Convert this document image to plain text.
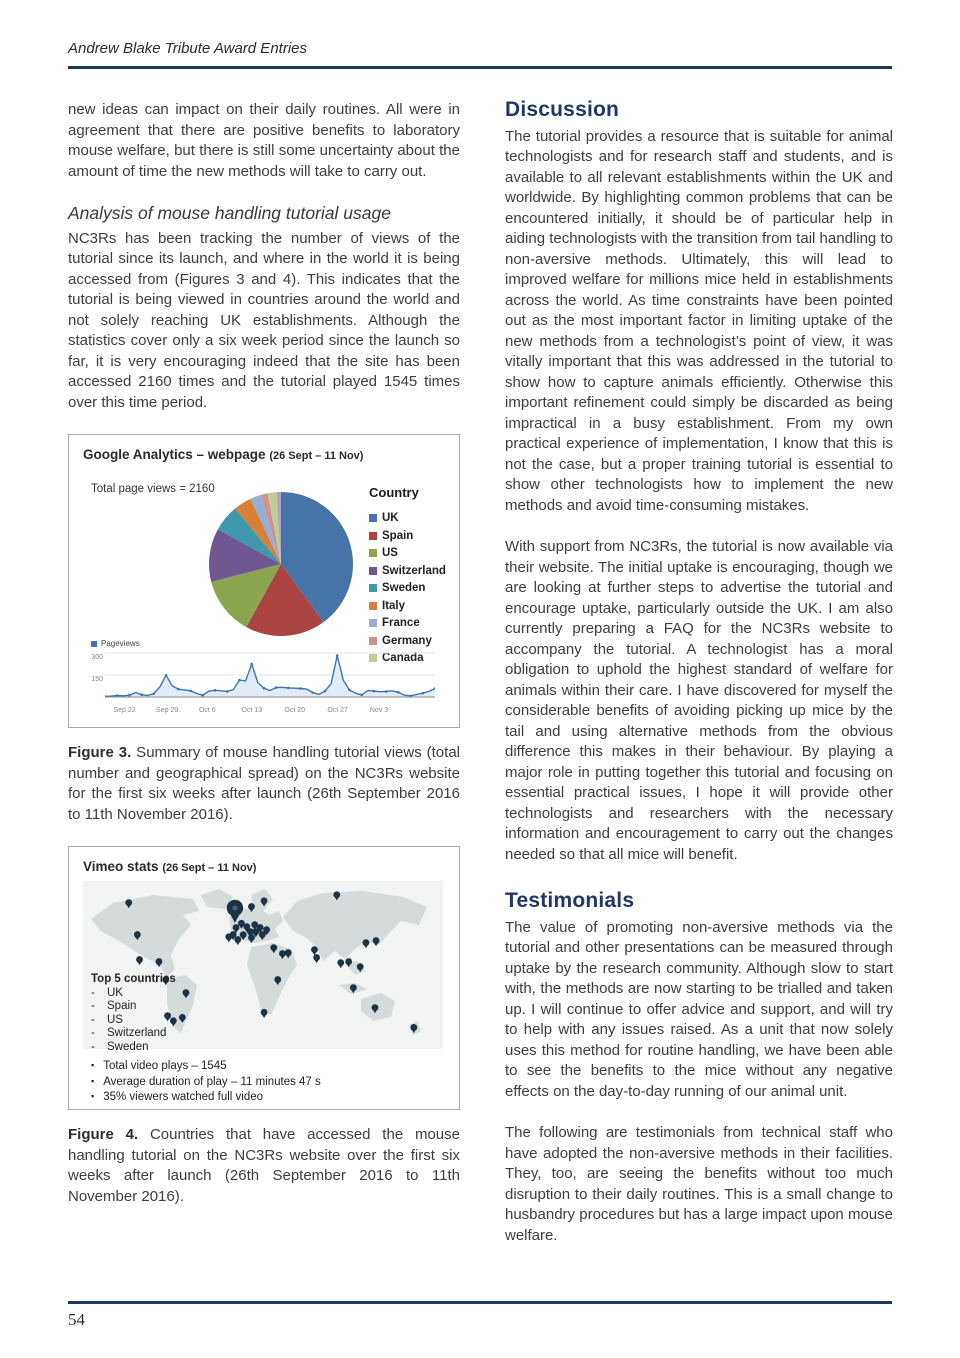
Andrew Blake Tribute Award Entries

new ideas can impact on their daily routines. All were in agreement that there are positive benefits to laboratory mouse welfare, but there is still some uncertainty about the amount of time the new methods will take to carry out.

Analysis of mouse handling tutorial usage

NC3Rs has been tracking the number of views of the tutorial since its launch, and where in the world it is being accessed from (Figures 3 and 4). This indicates that the tutorial is being viewed in countries around the world and not solely reaching UK establishments. Although the statistics cover only a six week period since the launch so far, it is very encouraging indeed that the site has been accessed 2160 times and the tutorial played 1545 times over this time period.

Google Analytics – webpage (26 Sept – 11 Nov)
Total page views = 2160	Country
UK
Spain
US
Switzerland
Sweden
Italy
France
Germany
Canada
Pageviews
300
150
Sep 22	Sep 29	Oct 6	Oct 13	Oct 20	Oct 27	Nov 3

Figure 3. Summary of mouse handling tutorial views (total number and geographical spread) on the NC3Rs website for the first six weeks after launch (26th September 2016 to 11th November 2016).

Vimeo stats (26 Sept – 11 Nov)
Top 5 countries
- UK
- Spain
- US
- Switzerland
- Sweden
▪ Total video plays – 1545
▪ Average duration of play – 11 minutes 47 s
▪ 35% viewers watched full video

Figure 4. Countries that have accessed the mouse handling tutorial on the NC3Rs website over the first six weeks after launch (26th September 2016 to 11th November 2016).

Discussion

The tutorial provides a resource that is suitable for animal technologists and for research staff and students, and is available to all relevant establishments within the UK and worldwide. By highlighting common problems that can be encountered initially, it should be of particular help in aiding technologists with the transition from tail handling to non-aversive methods. Ultimately, this will lead to improved welfare for millions mice held in establishments across the world. As time constraints have been pointed out as the most important factor in limiting uptake of the new methods from a technologist’s point of view, it was vitally important that this was addressed in the tutorial to show how to capture animals efficiently. Otherwise this important refinement could simply be discarded as being impractical in a busy establishment. From my own practical experience of implementation, I know that this is not the case, but a proper training tutorial is essential to show other technologists how to implement the new methods and avoid time-consuming mistakes.

With support from NC3Rs, the tutorial is now available via their website. The initial uptake is encouraging, though we are looking at further steps to advertise the tutorial and encourage uptake, particularly outside the UK. I am also currently preparing a FAQ for the NC3Rs website to accompany the tutorial. A technologist has a moral obligation to uphold the highest standard of welfare for animals within their care. I have discovered for myself the considerable benefits of avoiding picking up mice by the tail and using alternative methods from the obvious difference this makes in their behaviour. By playing a major role in putting together this tutorial and focusing on essential practical issues, I hope it will provide other technologists and researchers with the necessary information and encouragement to carry out the changes needed so that all mice will benefit.

Testimonials

The value of promoting non-aversive methods via the tutorial and other presentations can be measured through uptake by the research community. Although slow to start with, the methods are now starting to be trialled and taken up. I will continue to offer advice and support, and will try to help with any issues raised. As a unit that now solely uses this method for routine handling, we have been able to see the benefits to the mice without any negative effects on the day-to-day running of our animal unit.

The following are testimonials from technical staff who have adopted the non-aversive methods in their facilities. They, too, are seeing the benefits without too much disruption to their daily routines. This is a small change to husbandry procedures but has a large impact upon mouse welfare.

54
